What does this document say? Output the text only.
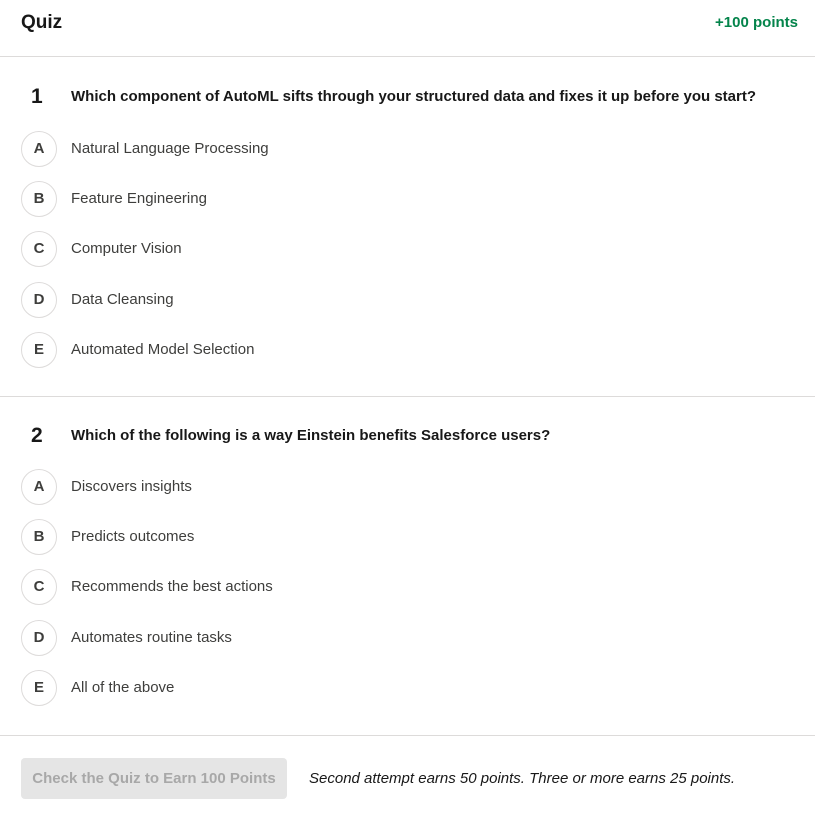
Quiz	+100 points
1 Which component of AutoML sifts through your structured data and fixes it up before you start?
A	Natural Language Processing
B	Feature Engineering
C	Computer Vision
D	Data Cleansing
E	Automated Model Selection
2 Which of the following is a way Einstein benefits Salesforce users?
A	Discovers insights
B	Predicts outcomes
C	Recommends the best actions
D	Automates routine tasks
E	All of the above
Check the Quiz to Earn 100 Points	Second attempt earns 50 points. Three or more earns 25 points.
